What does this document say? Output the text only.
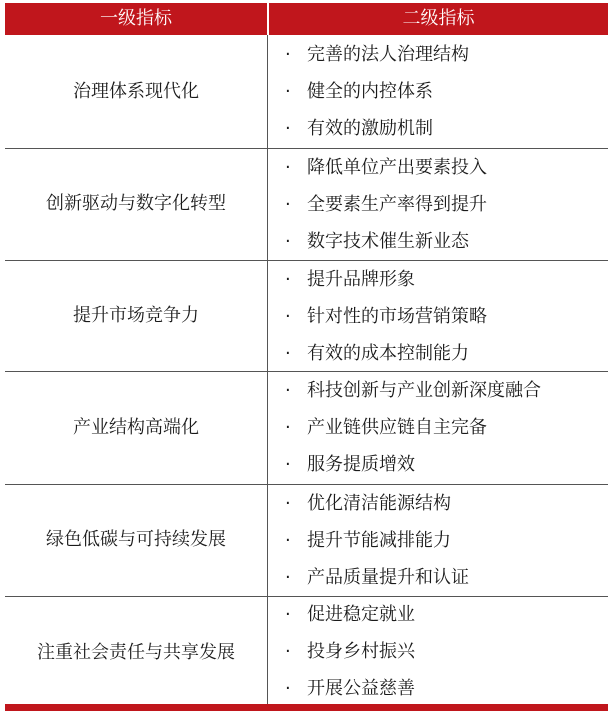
一级指标	二级指标
治理体系现代化
· 完善的法人治理结构
· 健全的内控体系
· 有效的激励机制
创新驱动与数字化转型
· 降低单位产出要素投入
· 全要素生产率得到提升
· 数字技术催生新业态
提升市场竞争力
· 提升品牌形象
· 针对性的市场营销策略
· 有效的成本控制能力
产业结构高端化
· 科技创新与产业创新深度融合
· 产业链供应链自主完备
· 服务提质增效
绿色低碳与可持续发展
· 优化清洁能源结构
· 提升节能减排能力
· 产品质量提升和认证
注重社会责任与共享发展
· 促进稳定就业
· 投身乡村振兴
· 开展公益慈善
